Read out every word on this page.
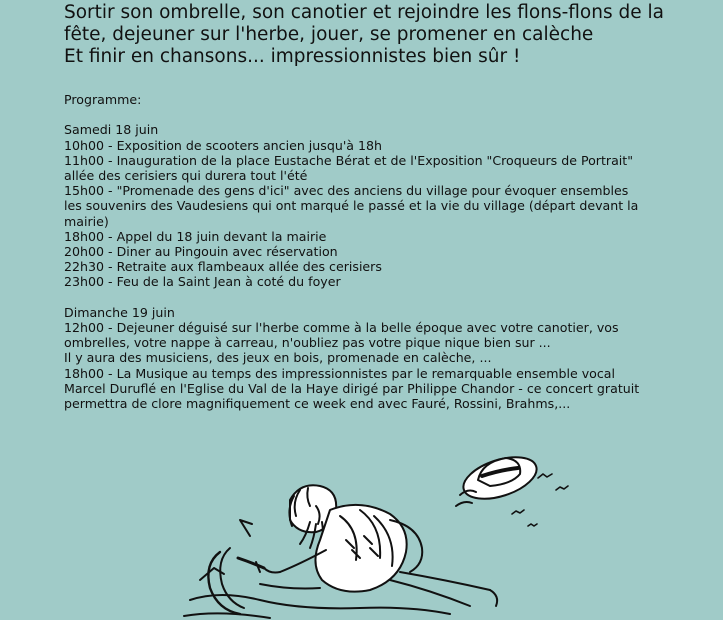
Sortir son ombrelle, son canotier et rejoindre les flons-flons de la
fête, dejeuner sur l'herbe, jouer, se promener en calèche
Et finir en chansons... impressionnistes bien sûr !
Programme:
Samedi 18 juin
10h00 - Exposition de scooters ancien jusqu'à 18h
11h00 - Inauguration de la place Eustache Bérat et de l'Exposition "Croqueurs de Portrait"
allée des cerisiers qui durera tout l'été
15h00 - "Promenade des gens d'ici" avec des anciens du village pour évoquer ensembles
les souvenirs des Vaudesiens qui ont marqué le passé et la vie du village (départ devant la
mairie)
18h00 - Appel du 18 juin devant la mairie
20h00 - Diner au Pingouin avec réservation
22h30 - Retraite aux flambeaux allée des cerisiers
23h00 - Feu de la Saint Jean à coté du foyer
Dimanche 19 juin
12h00 - Dejeuner déguisé sur l'herbe comme à la belle époque avec votre canotier, vos
ombrelles, votre nappe à carreau, n'oubliez pas votre pique nique bien sur ...
Il y aura des musiciens, des jeux en bois, promenade en calèche, ...
18h00 - La Musique au temps des impressionnistes par le remarquable ensemble vocal
Marcel Duruflé en l'Eglise du Val de la Haye dirigé par Philippe Chandor - ce concert gratuit
permettra de clore magnifiquement ce week end avec Fauré, Rossini, Brahms,...
